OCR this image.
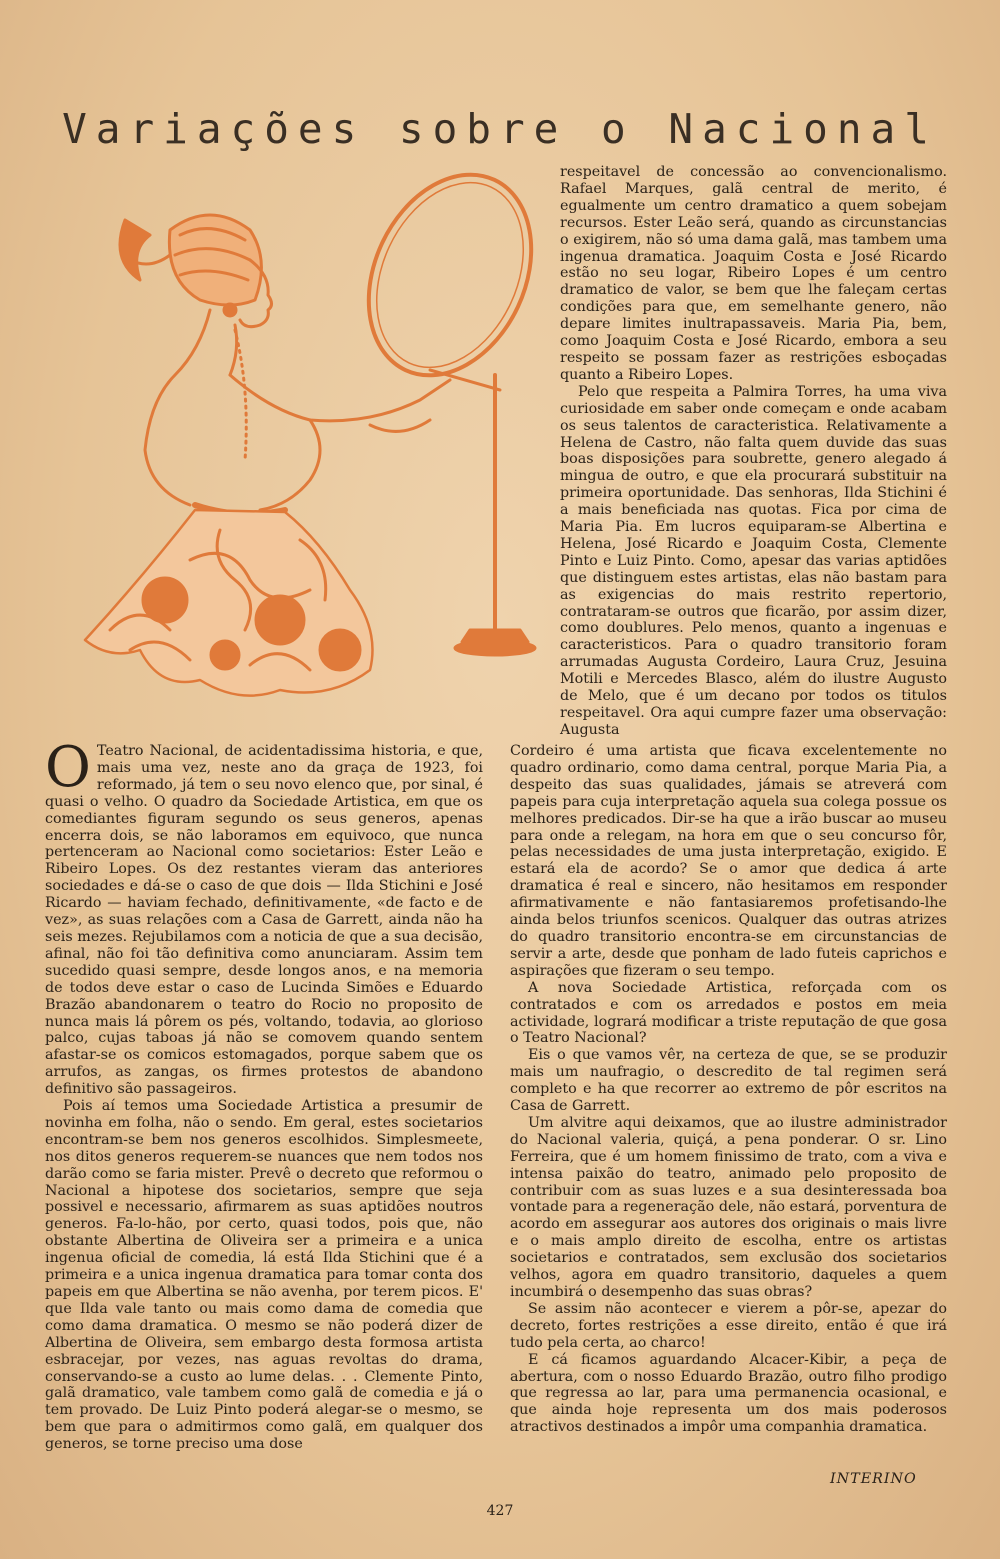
Variações sobre o Nacional

respeitavel de concessão ao convencionalismo. Rafael Marques, galã central de merito, é egualmente um centro dramatico a quem sobejam recursos. Ester Leão será, quando as circunstancias o exigirem, não só uma dama galã, mas tambem uma ingenua dramatica. Joaquim Costa e José Ricardo estão no seu logar, Ribeiro Lopes é um centro dramatico de valor, se bem que lhe faleçam certas condições para que, em semelhante genero, não depare limites inultrapassaveis. Maria Pia, bem, como Joaquim Costa e José Ricardo, embora a seu respeito se possam fazer as restrições esboçadas quanto a Ribeiro Lopes.

Pelo que respeita a Palmira Torres, ha uma viva curiosidade em saber onde começam e onde acabam os seus talentos de caracteristica. Relativamente a Helena de Castro, não falta quem duvide das suas boas disposições para soubrette, genero alegado á mingua de outro, e que ela procurará substituir na primeira oportunidade. Das senhoras, Ilda Stichini é a mais beneficiada nas quotas. Fica por cima de Maria Pia. Em lucros equiparam-se Albertina e Helena, José Ricardo e Joaquim Costa, Clemente Pinto e Luiz Pinto. Como, apesar das varias aptidões que distinguem estes artistas, elas não bastam para as exigencias do mais restrito repertorio, contrataram-se outros que ficarão, por assim dizer, como doublures. Pelo menos, quanto a ingenuas e caracteristicos. Para o quadro transitorio foram arrumadas Augusta Cordeiro, Laura Cruz, Jesuina Motili e Mercedes Blasco, além do ilustre Augusto de Melo, que é um decano por todos os titulos respeitavel. Ora aqui cumpre fazer uma observação: Augusta

O Teatro Nacional, de acidentadissima historia, e que, mais uma vez, neste ano da graça de 1923, foi reformado, já tem o seu novo elenco que, por sinal, é quasi o velho. O quadro da Sociedade Artistica, em que os comediantes figuram segundo os seus generos, apenas encerra dois, se não laboramos em equivoco, que nunca pertenceram ao Nacional como societarios: Ester Leão e Ribeiro Lopes. Os dez restantes vieram das anteriores sociedades e dá-se o caso de que dois — Ilda Stichini e José Ricardo — haviam fechado, definitivamente, «de facto e de vez», as suas relações com a Casa de Garrett, ainda não ha seis mezes. Rejubilamos com a noticia de que a sua decisão, afinal, não foi tão definitiva como anunciaram. Assim tem sucedido quasi sempre, desde longos anos, e na memoria de todos deve estar o caso de Lucinda Simões e Eduardo Brazão abandonarem o teatro do Rocio no proposito de nunca mais lá pôrem os pés, voltando, todavia, ao glorioso palco, cujas taboas já não se comovem quando sentem afastar-se os comicos estomagados, porque sabem que os arrufos, as zangas, os firmes protestos de abandono definitivo são passageiros.

Pois aí temos uma Sociedade Artistica a presumir de novinha em folha, não o sendo. Em geral, estes societarios encontram-se bem nos generos escolhidos. Simplesmeete, nos ditos generos requerem-se nuances que nem todos nos darão como se faria mister. Prevê o decreto que reformou o Nacional a hipotese dos societarios, sempre que seja possivel e necessario, afirmarem as suas aptidões noutros generos. Fa-lo-hão, por certo, quasi todos, pois que, não obstante Albertina de Oliveira ser a primeira e a unica ingenua oficial de comedia, lá está Ilda Stichini que é a primeira e a unica ingenua dramatica para tomar conta dos papeis em que Albertina se não avenha, por terem picos. E' que Ilda vale tanto ou mais como dama de comedia que como dama dramatica. O mesmo se não poderá dizer de Albertina de Oliveira, sem embargo desta formosa artista esbracejar, por vezes, nas aguas revoltas do drama, conservando-se a custo ao lume delas. . . Clemente Pinto, galã dramatico, vale tambem como galã de comedia e já o tem provado. De Luiz Pinto poderá alegar-se o mesmo, se bem que para o admitirmos como galã, em qualquer dos generos, se torne preciso uma dose

Cordeiro é uma artista que ficava excelentemente no quadro ordinario, como dama central, porque Maria Pia, a despeito das suas qualidades, jámais se atreverá com papeis para cuja interpretação aquela sua colega possue os melhores predicados. Dir-se ha que a irão buscar ao museu para onde a relegam, na hora em que o seu concurso fôr, pelas necessidades de uma justa interpretação, exigido. E estará ela de acordo? Se o amor que dedica á arte dramatica é real e sincero, não hesitamos em responder afirmativamente e não fantasiaremos profetisando-lhe ainda belos triunfos scenicos. Qualquer das outras atrizes do quadro transitorio encontra-se em circunstancias de servir a arte, desde que ponham de lado futeis caprichos e aspirações que fizeram o seu tempo.

A nova Sociedade Artistica, reforçada com os contratados e com os arredados e postos em meia actividade, logrará modificar a triste reputação de que gosa o Teatro Nacional?

Eis o que vamos vêr, na certeza de que, se se produzir mais um naufragio, o descredito de tal regimen será completo e ha que recorrer ao extremo de pôr escritos na Casa de Garrett.

Um alvitre aqui deixamos, que ao ilustre administrador do Nacional valeria, quiçá, a pena ponderar. O sr. Lino Ferreira, que é um homem finissimo de trato, com a viva e intensa paixão do teatro, animado pelo proposito de contribuir com as suas luzes e a sua desinteressada boa vontade para a regeneração dele, não estará, porventura de acordo em assegurar aos autores dos originais o mais livre e o mais amplo direito de escolha, entre os artistas societarios e contratados, sem exclusão dos societarios velhos, agora em quadro transitorio, daqueles a quem incumbirá o desempenho das suas obras?

Se assim não acontecer e vierem a pôr-se, apezar do decreto, fortes restrições a esse direito, então é que irá tudo pela certa, ao charco!

E cá ficamos aguardando Alcacer-Kibir, a peça de abertura, com o nosso Eduardo Brazão, outro filho prodigo que regressa ao lar, para uma permanencia ocasional, e que ainda hoje representa um dos mais poderosos atractivos destinados a impôr uma companhia dramatica.

INTERINO
427
